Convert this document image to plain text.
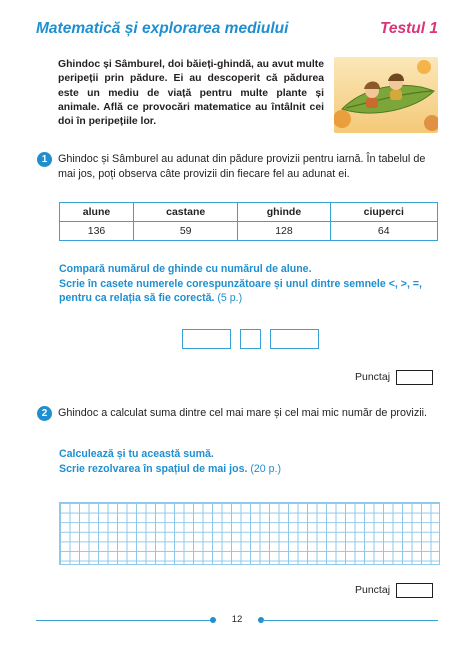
Matematică și explorarea mediului	Testul 1
Ghindoc și Sâmburel, doi băieți-ghindă, au avut multe peripeții prin pădure. Ei au descoperit că pădurea este un mediu de viață pentru multe plante și animale. Află ce provocări matematice au întâlnit cei doi în peripețiile lor.
1 Ghindoc și Sâmburel au adunat din pădure provizii pentru iarnă. În tabelul de mai jos, poți observa câte provizii din fiecare fel au adunat ei.
alune	castane	ghinde	ciuperci
136	59	128	64
Compară numărul de ghinde cu numărul de alune.
Scrie în casete numerele corespunzătoare și unul dintre semnele <, >, =,
pentru ca relația să fie corectă. (5 p.)
Punctaj
2 Ghindoc a calculat suma dintre cel mai mare și cel mai mic număr de provizii.
Calculează și tu această sumă.
Scrie rezolvarea în spațiul de mai jos. (20 p.)
Punctaj
12
